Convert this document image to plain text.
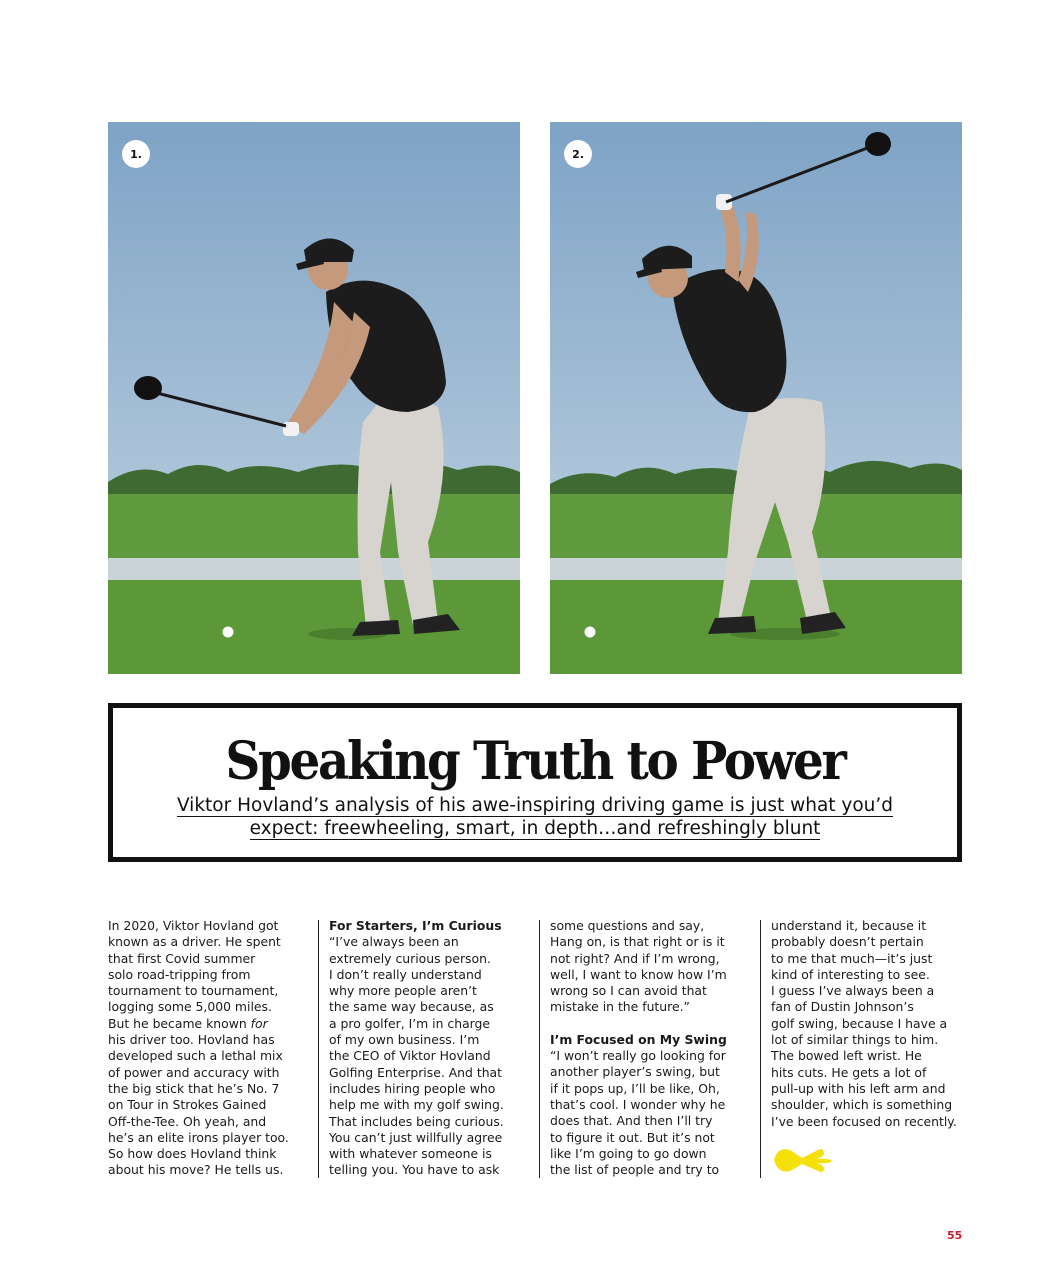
1.	2.
Speaking Truth to Power
Viktor Hovland’s analysis of his awe-inspiring driving game is just what you’d
expect: freewheeling, smart, in depth…and refreshingly blunt

In 2020, Viktor Hovland got

known as a driver. He spent

that first Covid summer

solo road-tripping from

tournament to tournament,

logging some 5,000 miles.

But he became known for

his driver too. Hovland has

developed such a lethal mix

of power and accuracy with

the big stick that he’s No. 7

on Tour in Strokes Gained

Off-the-Tee. Oh yeah, and

he’s an elite irons player too.

So how does Hovland think

about his move? He tells us.

For Starters, I’m Curious

“I’ve always been an

extremely curious person.

I don’t really understand

why more people aren’t

the same way because, as

a pro golfer, I’m in charge

of my own business. I’m

the CEO of Viktor Hovland

Golfing Enterprise. And that

includes hiring people who

help me with my golf swing.

That includes being curious.

You can’t just willfully agree

with whatever someone is

telling you. You have to ask

some questions and say,

Hang on, is that right or is it

not right? And if I’m wrong,

well, I want to know how I’m

wrong so I can avoid that

mistake in the future.”

I’m Focused on My Swing

“I won’t really go looking for

another player’s swing, but

if it pops up, I’ll be like, Oh,

that’s cool. I wonder why he

does that. And then I’ll try

to figure it out. But it’s not

like I’m going to go down

the list of people and try to

understand it, because it

probably doesn’t pertain

to me that much—it’s just

kind of interesting to see.

I guess I’ve always been a

fan of Dustin Johnson’s

golf swing, because I have a

lot of similar things to him.

The bowed left wrist. He

hits cuts. He gets a lot of

pull-up with his left arm and

shoulder, which is something

I’ve been focused on recently.

55
